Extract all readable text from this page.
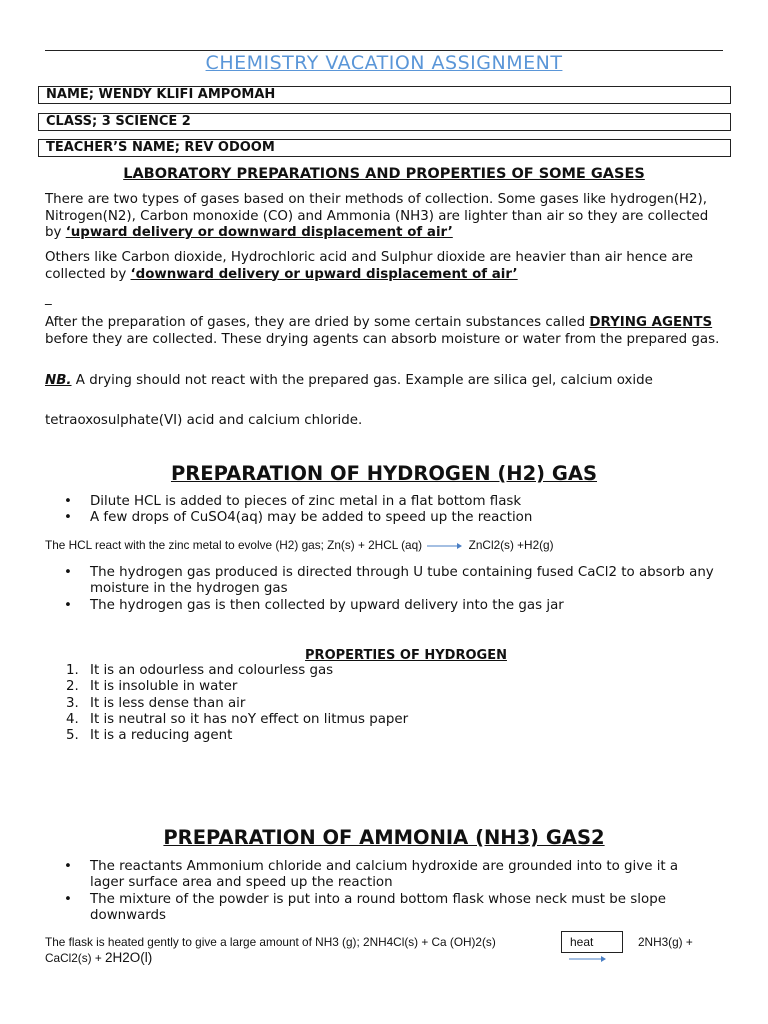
CHEMISTRY VACATION ASSIGNMENT
NAME; WENDY KLIFI AMPOMAH
CLASS; 3 SCIENCE 2
TEACHER’S NAME; REV ODOOM
LABORATORY PREPARATIONS AND PROPERTIES OF SOME GASES
There are two types of gases based on their methods of collection. Some gases like hydrogen(H2), Nitrogen(N2), Carbon monoxide (CO) and Ammonia (NH3) are lighter than air so they are collected by ‘upward delivery or downward displacement of air’
Others like Carbon dioxide, Hydrochloric acid and Sulphur dioxide are heavier than air hence are collected by ‘downward delivery or upward displacement of air’
_
After the preparation of gases, they are dried by some certain substances called DRYING AGENTS before they are collected. These drying agents can absorb moisture or water from the prepared gas.
NB. A drying should not react with the prepared gas. Example are silica gel, calcium oxide
tetraoxosulphate(VI) acid and calcium chloride.
PREPARATION OF HYDROGEN (H2) GAS
• Dilute HCL is added to pieces of zinc metal in a flat bottom flask
• A few drops of CuSO4(aq) may be added to speed up the reaction
The HCL react with the zinc metal to evolve (H2) gas; Zn(s) + 2HCL (aq)	ZnCl2(s) +H2(g)
• The hydrogen gas produced is directed through U tube containing fused CaCl2 to absorb any moisture in the hydrogen gas
• The hydrogen gas is then collected by upward delivery into the gas jar
PROPERTIES OF HYDROGEN
1. It is an odourless and colourless gas
2. It is insoluble in water
3. It is less dense than air
4. It is neutral so it has noY effect on litmus paper
5. It is a reducing agent
PREPARATION OF AMMONIA (NH3) GAS2
• The reactants Ammonium chloride and calcium hydroxide are grounded into to give it a lager surface area and speed up the reaction
• The mixture of the powder is put into a round bottom flask whose neck must be slope downwards
The flask is heated gently to give a large amount of NH3 (g); 2NH4Cl(s) + Ca (OH)2(s)	heat	2NH3(g) +
CaCl2(s) + 2H2O(l)
